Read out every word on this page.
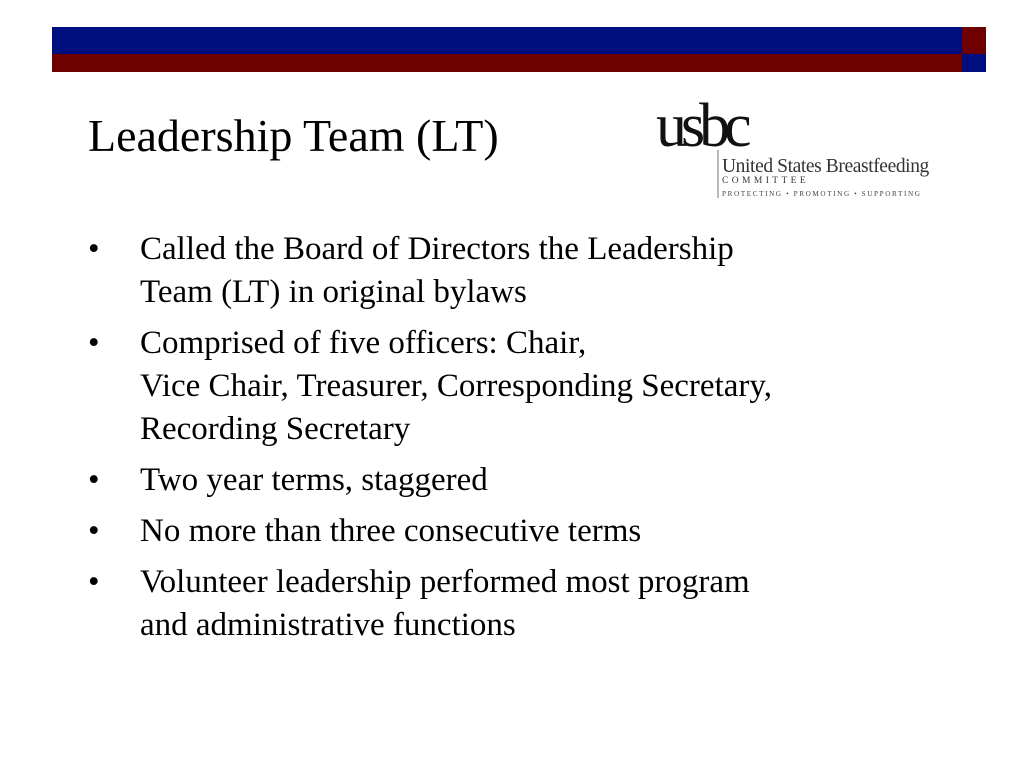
Leadership Team (LT)	usbc
United States Breastfeeding
COMMITTEE
PROTECTING • PROMOTING • SUPPORTING
•	Called the Board of Directors the Leadership
Team (LT) in original bylaws
•	Comprised of five officers: Chair,
Vice Chair, Treasurer, Corresponding Secretary,
Recording Secretary
•	Two year terms, staggered
•	No more than three consecutive terms
•	Volunteer leadership performed most program
and administrative functions
